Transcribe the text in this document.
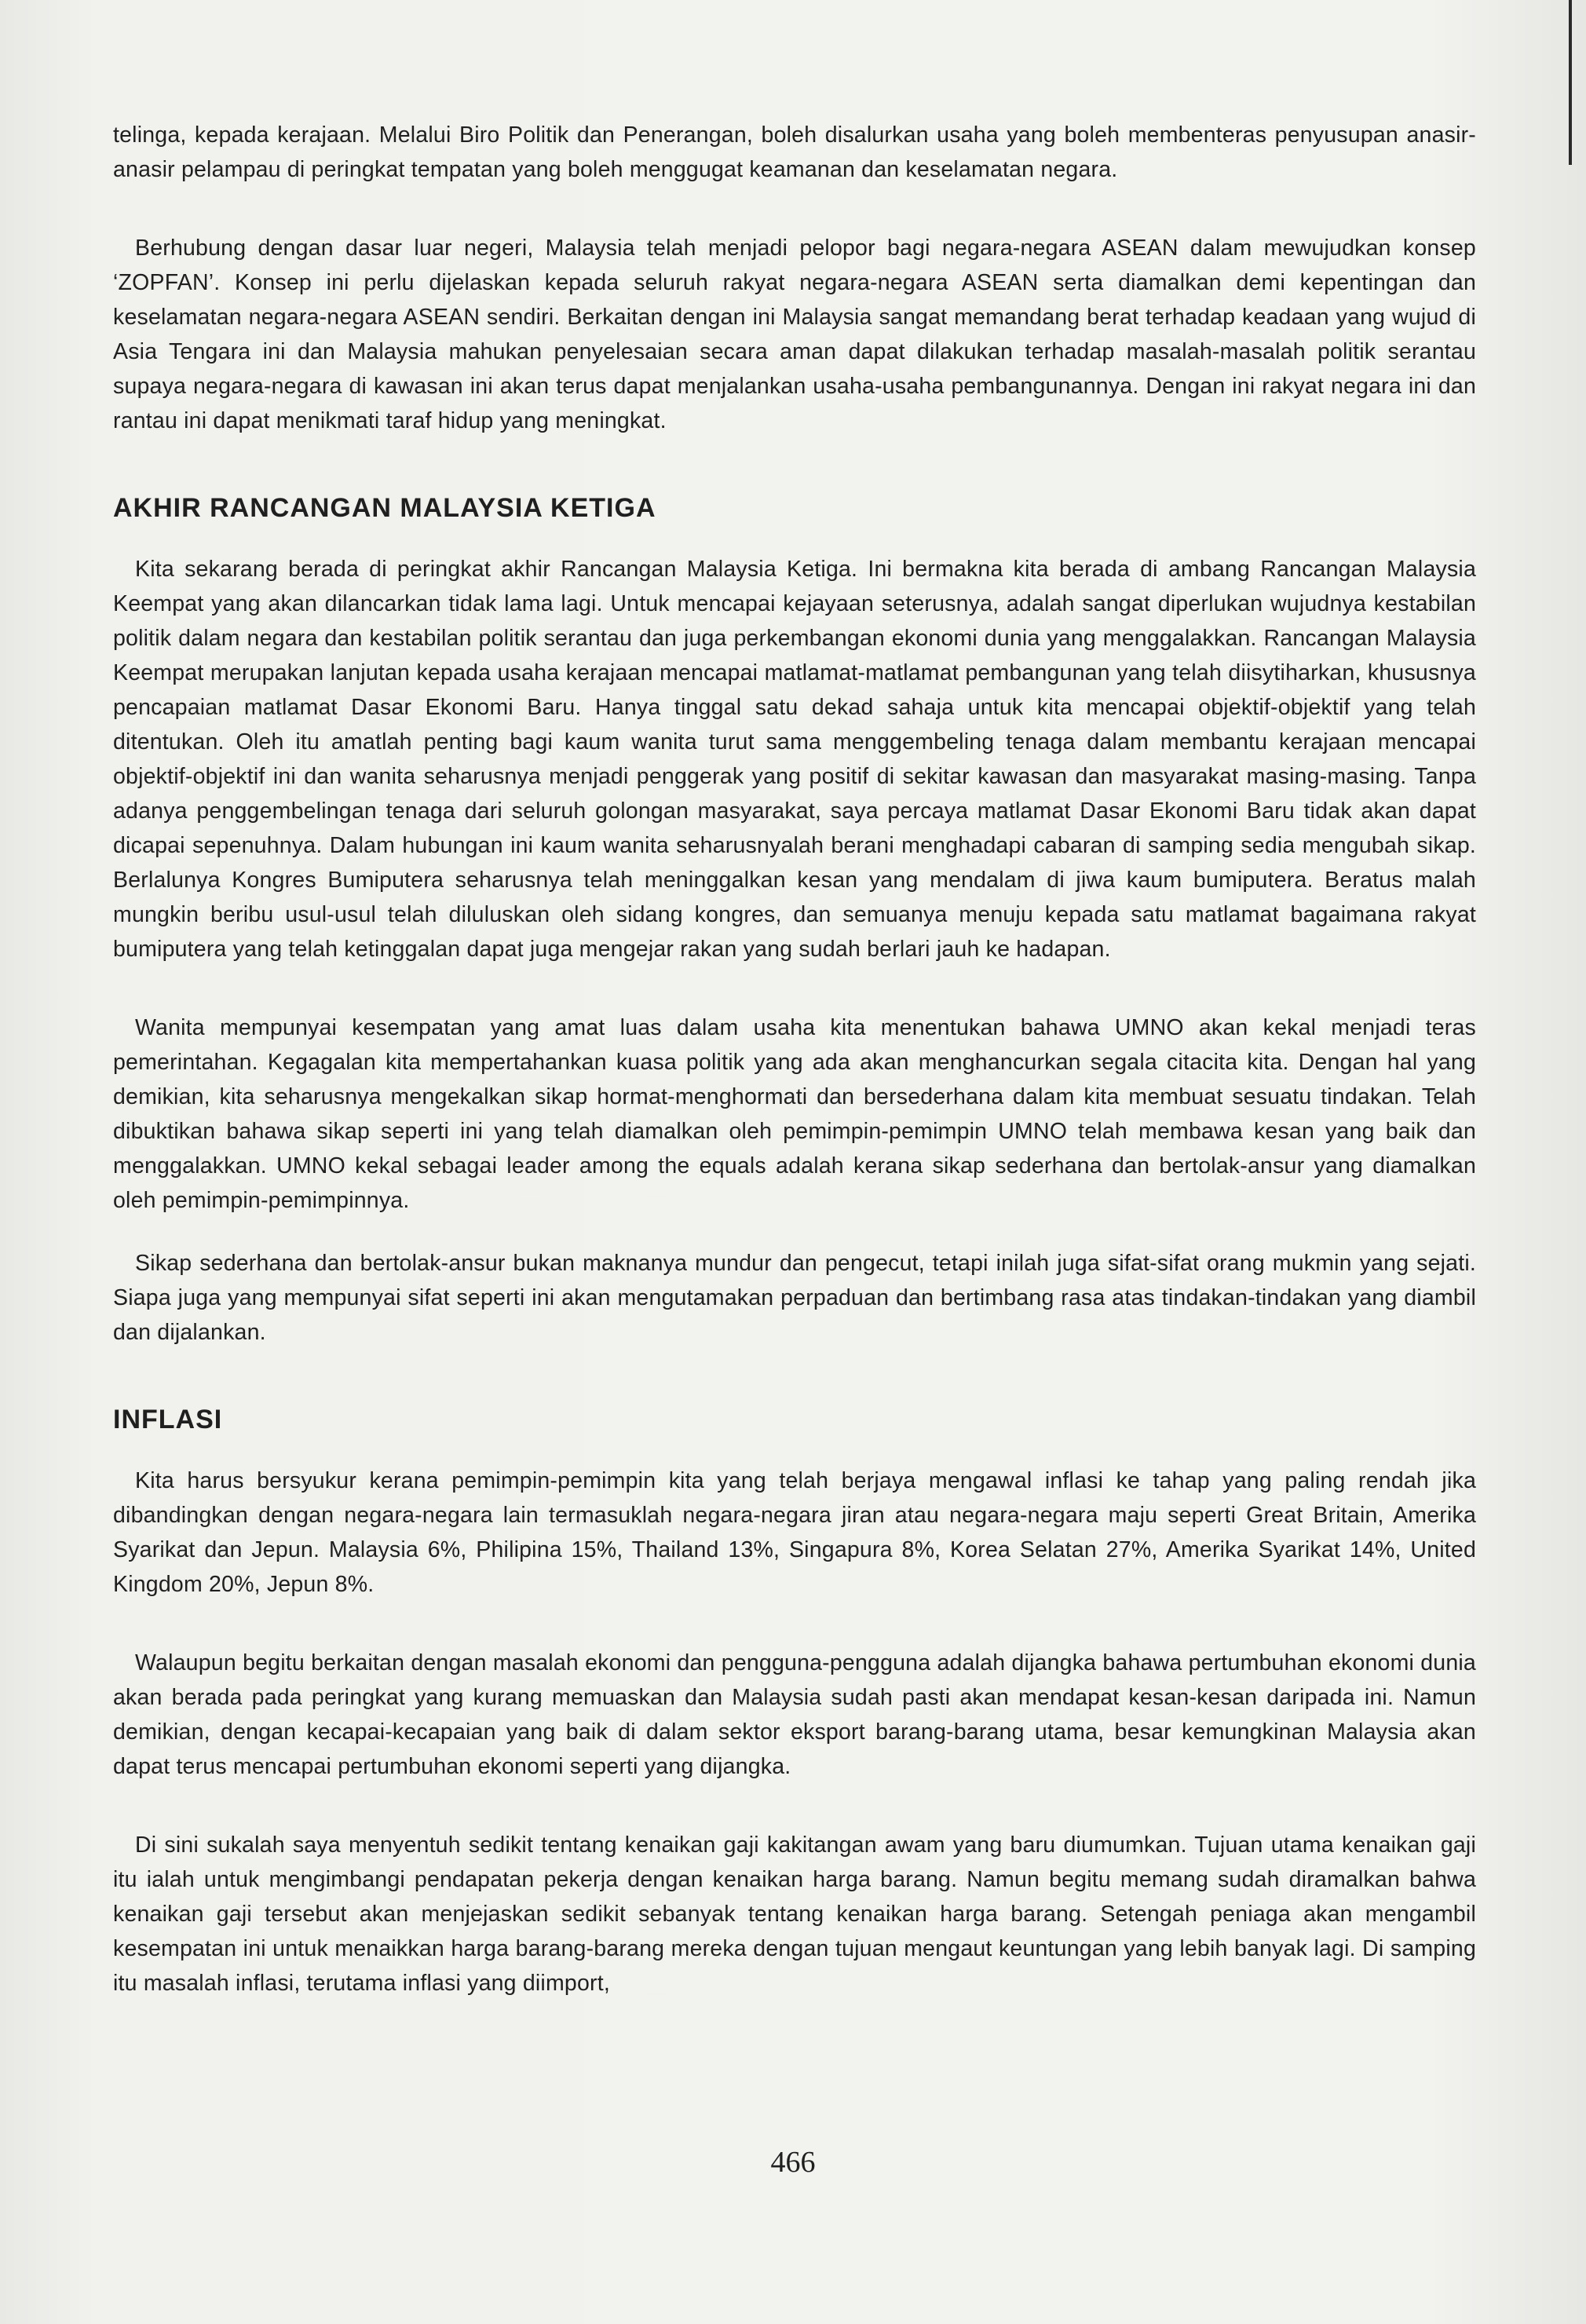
telinga, kepada kerajaan. Melalui Biro Politik dan Penerangan, boleh disalurkan usaha yang boleh membenteras penyusupan anasir-anasir pelampau di peringkat tempatan yang boleh menggugat keamanan dan keselamatan negara.

Berhubung dengan dasar luar negeri, Malaysia telah menjadi pelopor bagi negara-negara ASEAN dalam mewujudkan konsep ‘ZOPFAN’. Konsep ini perlu dijelaskan kepada seluruh rakyat negara-negara ASEAN serta diamalkan demi kepentingan dan keselamatan negara-negara ASEAN sendiri. Berkaitan dengan ini Malaysia sangat memandang berat terhadap keadaan yang wujud di Asia Tengara ini dan Malaysia mahukan penyelesaian secara aman dapat dilakukan terhadap masalah-masalah politik serantau supaya negara-negara di kawasan ini akan terus dapat menjalankan usaha-usaha pembangunannya. Dengan ini rakyat negara ini dan rantau ini dapat menikmati taraf hidup yang meningkat.

AKHIR RANCANGAN MALAYSIA KETIGA

Kita sekarang berada di peringkat akhir Rancangan Malaysia Ketiga. Ini bermakna kita berada di ambang Rancangan Malaysia Keempat yang akan dilancarkan tidak lama lagi. Untuk mencapai kejayaan seterusnya, adalah sangat diperlukan wujudnya kestabilan politik dalam negara dan kestabilan politik serantau dan juga perkembangan ekonomi dunia yang menggalakkan. Rancangan Malaysia Keempat merupakan lanjutan kepada usaha kerajaan mencapai matlamat-matlamat pembangunan yang telah diisytiharkan, khususnya pencapaian matlamat Dasar Ekonomi Baru. Hanya tinggal satu dekad sahaja untuk kita mencapai objektif-objektif yang telah ditentukan. Oleh itu amatlah penting bagi kaum wanita turut sama menggembeling tenaga dalam membantu kerajaan mencapai objektif-objektif ini dan wanita seharusnya menjadi penggerak yang positif di sekitar kawasan dan masyarakat masing-masing. Tanpa adanya penggembelingan tenaga dari seluruh golongan masyarakat, saya percaya matlamat Dasar Ekonomi Baru tidak akan dapat dicapai sepenuhnya. Dalam hubungan ini kaum wanita seharusnyalah berani menghadapi cabaran di samping sedia mengubah sikap. Berlalunya Kongres Bumiputera seharusnya telah meninggalkan kesan yang mendalam di jiwa kaum bumiputera. Beratus malah mungkin beribu usul-usul telah diluluskan oleh sidang kongres, dan semuanya menuju kepada satu matlamat bagaimana rakyat bumiputera yang telah ketinggalan dapat juga mengejar rakan yang sudah berlari jauh ke hadapan.

Wanita mempunyai kesempatan yang amat luas dalam usaha kita menentukan bahawa UMNO akan kekal menjadi teras pemerintahan. Kegagalan kita mempertahankan kuasa politik yang ada akan menghancurkan segala citacita kita. Dengan hal yang demikian, kita seharusnya mengekalkan sikap hormat-menghormati dan bersederhana dalam kita membuat sesuatu tindakan. Telah dibuktikan bahawa sikap seperti ini yang telah diamalkan oleh pemimpin-pemimpin UMNO telah membawa kesan yang baik dan menggalakkan. UMNO kekal sebagai leader among the equals adalah kerana sikap sederhana dan bertolak-ansur yang diamalkan oleh pemimpin-pemimpinnya.

Sikap sederhana dan bertolak-ansur bukan maknanya mundur dan pengecut, tetapi inilah juga sifat-sifat orang mukmin yang sejati. Siapa juga yang mempunyai sifat seperti ini akan mengutamakan perpaduan dan bertimbang rasa atas tindakan-tindakan yang diambil dan dijalankan.

INFLASI

Kita harus bersyukur kerana pemimpin-pemimpin kita yang telah berjaya mengawal inflasi ke tahap yang paling rendah jika dibandingkan dengan negara-negara lain termasuklah negara-negara jiran atau negara-negara maju seperti Great Britain, Amerika Syarikat dan Jepun. Malaysia 6%, Philipina 15%, Thailand 13%, Singapura 8%, Korea Selatan 27%, Amerika Syarikat 14%, United Kingdom 20%, Jepun 8%.

Walaupun begitu berkaitan dengan masalah ekonomi dan pengguna-pengguna adalah dijangka bahawa pertumbuhan ekonomi dunia akan berada pada peringkat yang kurang memuaskan dan Malaysia sudah pasti akan mendapat kesan-kesan daripada ini. Namun demikian, dengan kecapai-kecapaian yang baik di dalam sektor eksport barang-barang utama, besar kemungkinan Malaysia akan dapat terus mencapai pertumbuhan ekonomi seperti yang dijangka.

Di sini sukalah saya menyentuh sedikit tentang kenaikan gaji kakitangan awam yang baru diumumkan. Tujuan utama kenaikan gaji itu ialah untuk mengimbangi pendapatan pekerja dengan kenaikan harga barang. Namun begitu memang sudah diramalkan bahwa kenaikan gaji tersebut akan menjejaskan sedikit sebanyak tentang kenaikan harga barang. Setengah peniaga akan mengambil kesempatan ini untuk menaikkan harga barang-barang mereka dengan tujuan mengaut keuntungan yang lebih banyak lagi. Di samping itu masalah inflasi, terutama inflasi yang diimport,

466
